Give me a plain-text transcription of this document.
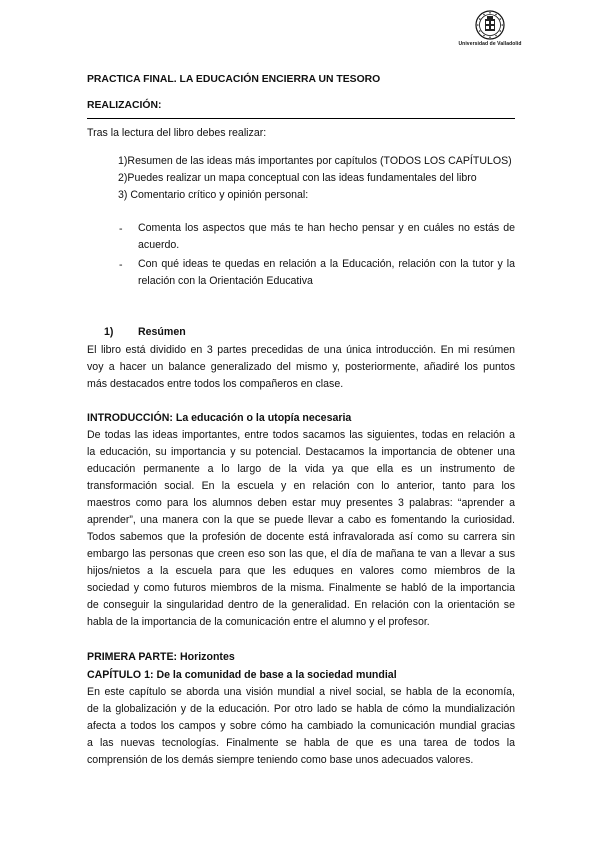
Universidad de Valladolid
PRACTICA FINAL. LA EDUCACIÓN ENCIERRA UN TESORO
REALIZACIÓN:
Tras la lectura del libro debes realizar:
1)Resumen de las ideas más importantes por capítulos (TODOS LOS CAPÍTULOS)
2)Puedes realizar un mapa conceptual con las ideas fundamentales del libro
3) Comentario crítico y opinión personal:
- Comenta los aspectos que más te han hecho pensar y en cuáles no estás de
acuerdo.
- Con qué ideas te quedas en relación a la Educación, relación con la tutor y la
relación con la Orientación Educativa
1) Resúmen
El libro está dividido en 3 partes precedidas de una única introducción. En mi resúmen
voy a hacer un balance generalizado del mismo y, posteriormente, añadiré los puntos
más destacados entre todos los compañeros en clase.
INTRODUCCIÓN: La educación o la utopía necesaria
De todas las ideas importantes, entre todos sacamos las siguientes, todas en relación a
la educación, su importancia y su potencial. Destacamos la importancia de obtener una
educación permanente a lo largo de la vida ya que ella es un instrumento de
transformación social. En la escuela y en relación con lo anterior, tanto para los
maestros como para los alumnos deben estar muy presentes 3 palabras: “aprender a
aprender”, una manera con la que se puede llevar a cabo es fomentando la curiosidad.
Todos sabemos que la profesión de docente está infravalorada así como su carrera sin
embargo las personas que creen eso son las que, el día de mañana te van a llevar a sus
hijos/nietos a la escuela para que les eduques en valores como miembros de la
sociedad y como futuros miembros de la misma. Finalmente se habló de la importancia
de conseguir la singularidad dentro de la generalidad. En relación con la orientación se
habla de la importancia de la comunicación entre el alumno y el profesor.
PRIMERA PARTE: Horizontes
CAPÍTULO 1: De la comunidad de base a la sociedad mundial
En este capítulo se aborda una visión mundial a nivel social, se habla de la economía,
de la globalización y de la educación. Por otro lado se habla de cómo la mundialización
afecta a todos los campos y sobre cómo ha cambiado la comunicación mundial gracias
a las nuevas tecnologías. Finalmente se habla de que es una tarea de todos la
comprensión de los demás siempre teniendo como base unos adecuados valores.
